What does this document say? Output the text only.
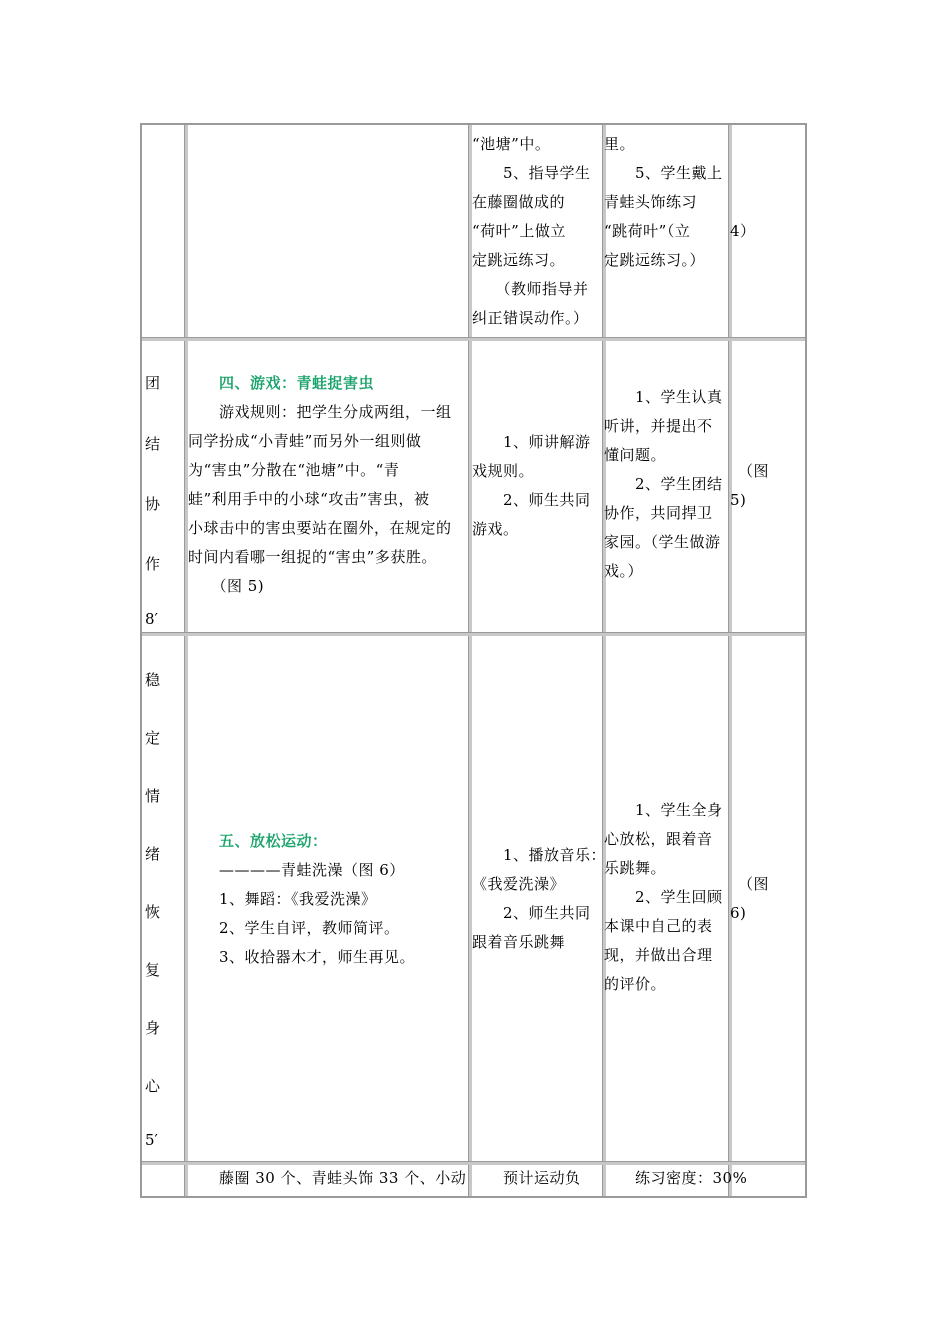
“池塘”中。

　　5、指导学生

在藤圈做成的

“荷叶”上做立

定跳远练习。

　　（教师指导并

纠正错误动作。）

里。

　　5、学生戴上

青蛙头饰练习

“跳荷叶”（立

定跳远练习。）

4）

团
结
协
作
8′

　　四、游戏：青蛙捉害虫

　　游戏规则：把学生分成两组，一组

同学扮成“小青蛙”而另外一组则做

为“害虫”分散在“池塘”中。“青

蛙”利用手中的小球“攻击”害虫，被

小球击中的害虫要站在圈外，在规定的

时间内看哪一组捉的“害虫”多获胜。

　　（图 5)

　　1、师讲解游

戏规则。

　　2、师生共同

游戏。

　　1、学生认真

听讲，并提出不

懂问题。

　　2、学生团结

协作，共同捍卫

家园。（学生做游

戏。）

　（图

5)

稳
定
情
绪
恢
复
身
心
5′

　　五、放松运动：

　　————青蛙洗澡（图 6）

　　1、舞蹈：《我爱洗澡》

　　2、学生自评，教师简评。

　　3、收拾器木才，师生再见。

　　1、播放音乐：

《我爱洗澡》

　　2、师生共同

跟着音乐跳舞

　　1、学生全身

心放松，跟着音

乐跳舞。

　　2、学生回顾

本课中自己的表

现，并做出合理

的评价。

　（图

6)

　　藤圈 30 个、青蛙头饰 33 个、小动 　　预计运动负	　　练习密度：30%
